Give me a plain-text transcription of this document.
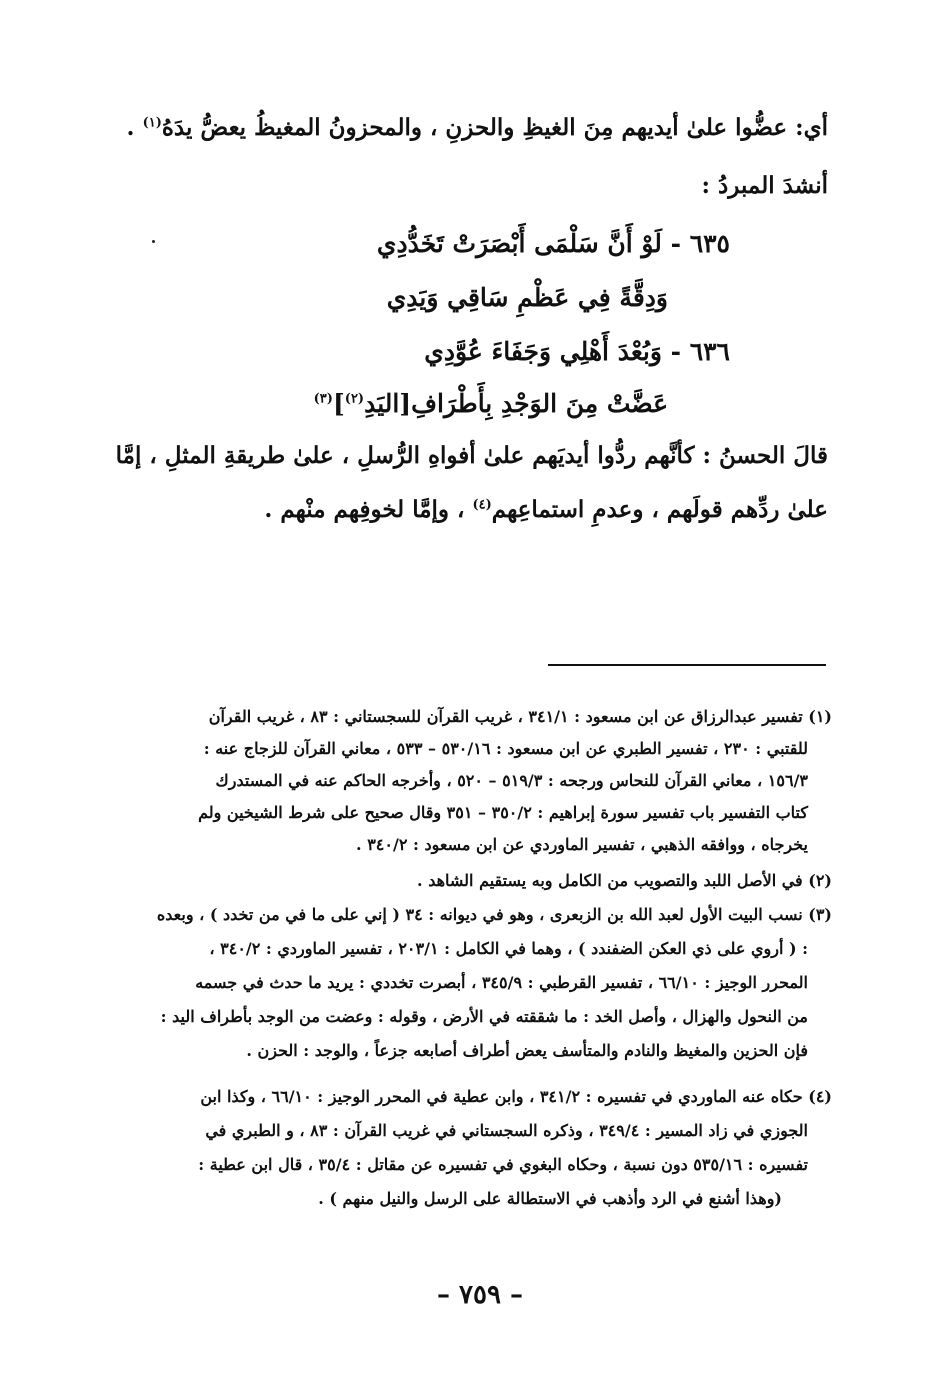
أي: عضُّوا علىٰ أيديهم مِنَ الغيظِ والحزنِ ، والمحزونُ المغيظُ يعضُّ يدَهُ$^{(١)}$ .
أنشدَ المبردُ :
٦٣٥ - لَوْ أَنَّ سَلْمَى أَبْصَرَتْ تَخَدُّدِي
وَدِقَّةً فِي عَظْمِ سَاقِي وَيَدِي
٦٣٦ - وَبُعْدَ أَهْلِي وَجَفَاءَ عُوَّدِي
عَضَّتْ مِنَ الوَجْدِ بِأَطْرَافِ[اليَدِ$^{(٢)}$]$^{(٣)}$
قالَ الحسنُ : كأنَّهم ردُّوا أيديَهم علىٰ أفواهِ الرُّسلِ ، علىٰ طريقةِ المثلِ ، إمَّا
علىٰ ردِّهم قولَهم ، وعدمِ استماعِهم$^{(٤)}$ ، وإمَّا لخوفِهم منْهم .
(١) تفسير عبدالرزاق عن ابن مسعود : ٣٤١/١ ، غريب القرآن للسجستاني : ٨٣ ، غريب القرآن
للقتبي : ٢٣٠ ، تفسير الطبري عن ابن مسعود : ٥٣٠/١٦ – ٥٣٣ ، معاني القرآن للزجاج عنه :
١٥٦/٣ ، معاني القرآن للنحاس ورجحه : ٥١٩/٣ – ٥٢٠ ، وأخرجه الحاكم عنه في المستدرك
كتاب التفسير باب تفسير سورة إبراهيم : ٣٥٠/٢ – ٣٥١ وقال صحيح على شرط الشيخين ولم
يخرجاه ، ووافقه الذهبي ، تفسير الماوردي عن ابن مسعود : ٣٤٠/٢ .
(٢) في الأصل اللبد والتصويب من الكامل وبه يستقيم الشاهد .
(٣) نسب البيت الأول لعبد الله بن الزبعرى ، وهو في ديوانه : ٣٤ ( إني على ما في من تخدد ) ، وبعده
: ( أروي على ذي العكن الضفندد ) ، وهما في الكامل : ٢٠٣/١ ، تفسير الماوردي : ٣٤٠/٢ ،
المحرر الوجيز : ٦٦/١٠ ، تفسير القرطبي : ٣٤٥/٩ ، أبصرت تخددي : يريد ما حدث في جسمه
من النحول والهزال ، وأصل الخد : ما شققته في الأرض ، وقوله : وعضت من الوجد بأطراف اليد :
فإن الحزين والمغيظ والنادم والمتأسف يعض أطراف أصابعه جزعاً ، والوجد : الحزن .
(٤) حكاه عنه الماوردي في تفسيره : ٣٤١/٢ ، وابن عطية في المحرر الوجيز : ٦٦/١٠ ، وكذا ابن
الجوزي في زاد المسير : ٣٤٩/٤ ، وذكره السجستاني في غريب القرآن : ٨٣ ، و الطبري في
تفسيره : ٥٣٥/١٦ دون نسبة ، وحكاه البغوي في تفسيره عن مقاتل : ٣٥/٤ ، قال ابن عطية :
(وهذا أشنع في الرد وأذهب في الاستطالة على الرسل والنيل منهم ) .
– ٧٥٩ –
